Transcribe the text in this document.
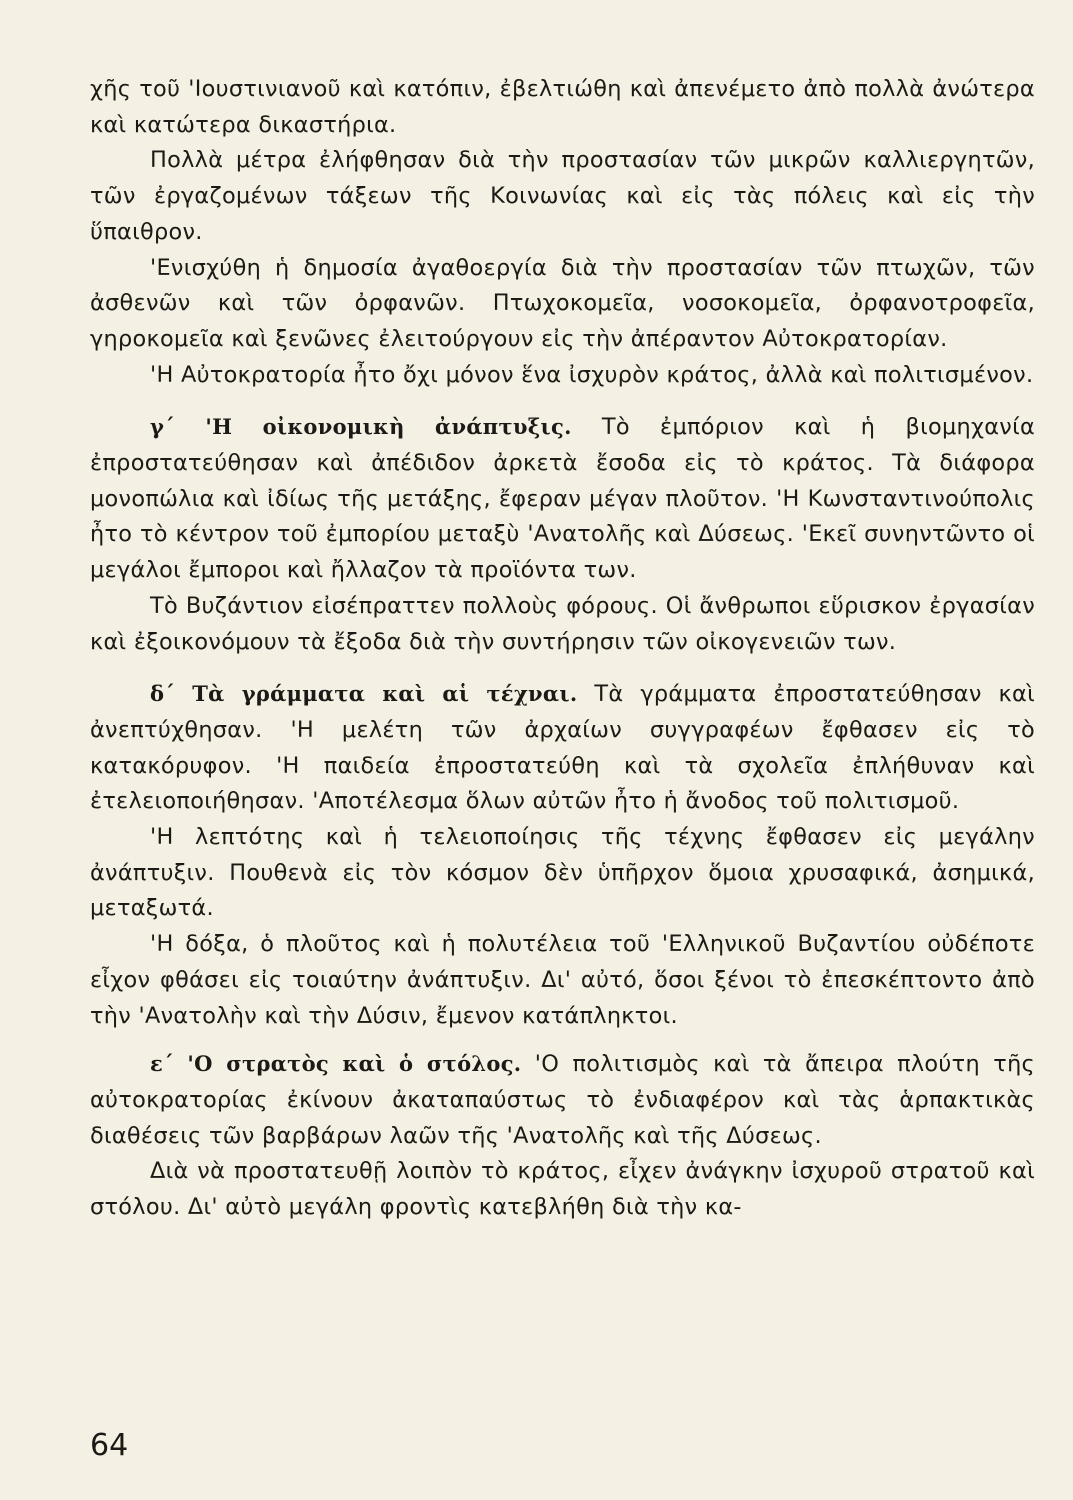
χῆς τοῦ 'Ιουστινιανοῦ καὶ κατόπιν, ἐβελτιώθη καὶ ἀπενέμετο ἀπὸ πολλὰ ἀνώτερα καὶ κατώτερα δικαστήρια.

Πολλὰ μέτρα ἐλήφθησαν διὰ τὴν προστασίαν τῶν μικρῶν καλλιεργητῶν, τῶν ἐργαζομένων τάξεων τῆς Κοινωνίας καὶ εἰς τὰς πόλεις καὶ εἰς τὴν ὕπαιθρον.

'Ενισχύθη ἡ δημοσία ἀγαθοεργία διὰ τὴν προστασίαν τῶν πτωχῶν, τῶν ἀσθενῶν καὶ τῶν ὀρφανῶν. Πτωχοκομεῖα, νοσοκομεῖα, ὀρφανοτροφεῖα, γηροκομεῖα καὶ ξενῶνες ἐλειτούργουν εἰς τὴν ἀπέραντον Αὐτοκρατορίαν.

'Η Αὐτοκρατορία ἦτο ὄχι μόνον ἕνα ἰσχυρὸν κράτος, ἀλλὰ καὶ πολιτισμένον.

γ΄ 'Η οἰκονομικὴ ἀνάπτυξις. Τὸ ἐμπόριον καὶ ἡ βιομηχανία ἐπροστατεύθησαν καὶ ἀπέδιδον ἀρκετὰ ἔσοδα εἰς τὸ κράτος. Τὰ διάφορα μονοπώλια καὶ ἰδίως τῆς μετάξης, ἔφεραν μέγαν πλοῦτον. 'Η Κωνσταντινούπολις ἦτο τὸ κέντρον τοῦ ἐμπορίου μεταξὺ 'Ανατολῆς καὶ Δύσεως. 'Εκεῖ συνηντῶντο οἱ μεγάλοι ἔμποροι καὶ ἤλλαζον τὰ προϊόντα των.

Τὸ Βυζάντιον εἰσέπραττεν πολλοὺς φόρους. Οἱ ἄνθρωποι εὕρισκον ἐργασίαν καὶ ἐξοικονόμουν τὰ ἔξοδα διὰ τὴν συντήρησιν τῶν οἰκογενειῶν των.

δ΄ Τὰ γράμματα καὶ αἱ τέχναι. Τὰ γράμματα ἐπροστατεύθησαν καὶ ἀνεπτύχθησαν. 'Η μελέτη τῶν ἀρχαίων συγγραφέων ἔφθασεν εἰς τὸ κατακόρυφον. 'Η παιδεία ἐπροστατεύθη καὶ τὰ σχολεῖα ἐπλήθυναν καὶ ἐτελειοποιήθησαν. 'Αποτέλεσμα ὅλων αὐτῶν ἦτο ἡ ἄνοδος τοῦ πολιτισμοῦ.

'Η λεπτότης καὶ ἡ τελειοποίησις τῆς τέχνης ἔφθασεν εἰς μεγάλην ἀνάπτυξιν. Πουθενὰ εἰς τὸν κόσμον δὲν ὑπῆρχον ὅμοια χρυσαφικά, ἀσημικά, μεταξωτά.

'Η δόξα, ὁ πλοῦτος καὶ ἡ πολυτέλεια τοῦ 'Ελληνικοῦ Βυζαντίου οὐδέποτε εἶχον φθάσει εἰς τοιαύτην ἀνάπτυξιν. Δι' αὐτό, ὅσοι ξένοι τὸ ἐπεσκέπτοντο ἀπὸ τὴν 'Ανατολὴν καὶ τὴν Δύσιν, ἔμενον κατάπληκτοι.

ε΄ 'Ο στρατὸς καὶ ὁ στόλος. 'Ο πολιτισμὸς καὶ τὰ ἄπειρα πλούτη τῆς αὐτοκρατορίας ἐκίνουν ἀκαταπαύστως τὸ ἐνδιαφέρον καὶ τὰς ἁρπακτικὰς διαθέσεις τῶν βαρβάρων λαῶν τῆς 'Ανατολῆς καὶ τῆς Δύσεως.

Διὰ νὰ προστατευθῇ λοιπὸν τὸ κράτος, εἶχεν ἀνάγκην ἰσχυροῦ στρατοῦ καὶ στόλου. Δι' αὐτὸ μεγάλη φροντὶς κατεβλήθη διὰ τὴν κα-

64
